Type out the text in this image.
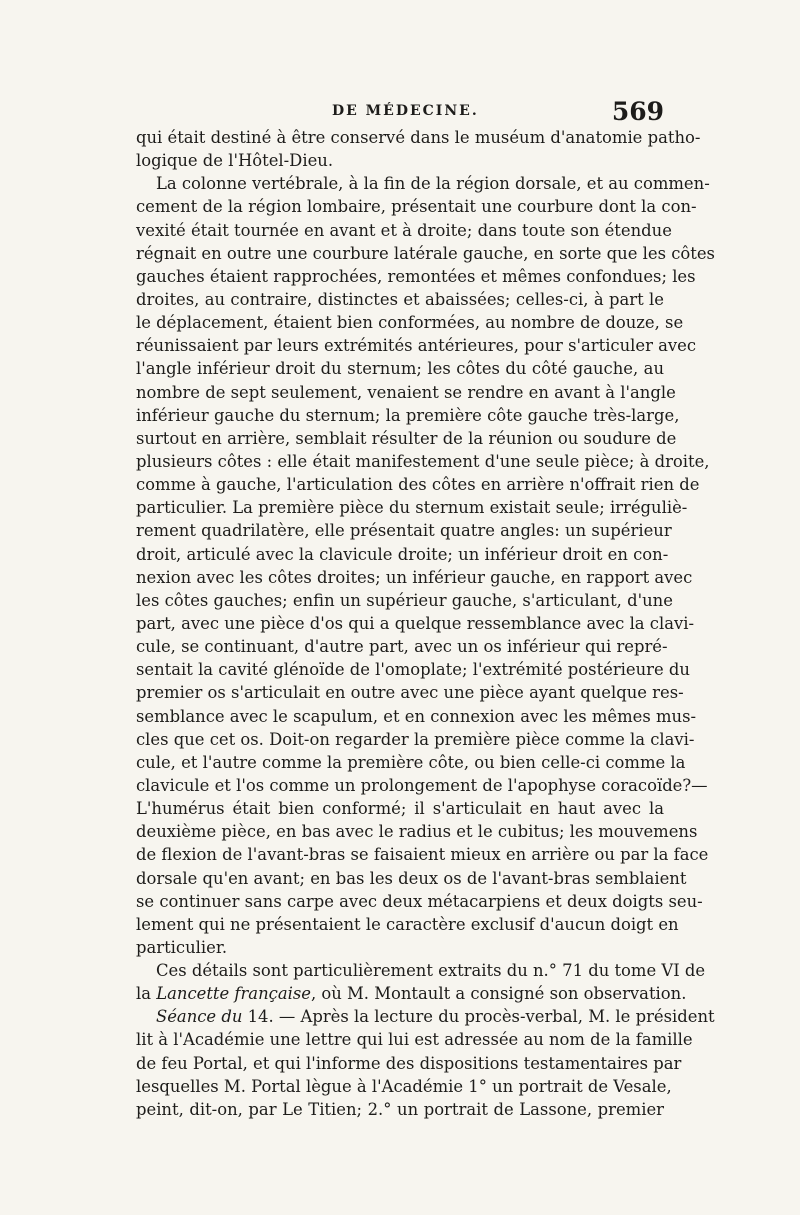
DE MÉDECINE.	569
qui était destiné à être conservé dans le muséum d'anatomie patho-
logique de l'Hôtel-Dieu.
La colonne vertébrale, à la fin de la région dorsale, et au commen-
cement de la région lombaire, présentait une courbure dont la con-
vexité était tournée en avant et à droite; dans toute son étendue
régnait en outre une courbure latérale gauche, en sorte que les côtes
gauches étaient rapprochées, remontées et mêmes confondues; les
droites, au contraire, distinctes et abaissées; celles-ci, à part le
le déplacement, étaient bien conformées, au nombre de douze, se
réunissaient par leurs extrémités antérieures, pour s'articuler avec
l'angle inférieur droit du sternum; les côtes du côté gauche, au
nombre de sept seulement, venaient se rendre en avant à l'angle
inférieur gauche du sternum; la première côte gauche très-large,
surtout en arrière, semblait résulter de la réunion ou soudure de
plusieurs côtes : elle était manifestement d'une seule pièce; à droite,
comme à gauche, l'articulation des côtes en arrière n'offrait rien de
particulier. La première pièce du sternum existait seule; irréguliè-
rement quadrilatère, elle présentait quatre angles: un supérieur
droit, articulé avec la clavicule droite; un inférieur droit en con-
nexion avec les côtes droites; un inférieur gauche, en rapport avec
les côtes gauches; enfin un supérieur gauche, s'articulant, d'une
part, avec une pièce d'os qui a quelque ressemblance avec la clavi-
cule, se continuant, d'autre part, avec un os inférieur qui repré-
sentait la cavité glénoïde de l'omoplate; l'extrémité postérieure du
premier os s'articulait en outre avec une pièce ayant quelque res-
semblance avec le scapulum, et en connexion avec les mêmes mus-
cles que cet os. Doit-on regarder la première pièce comme la clavi-
cule, et l'autre comme la première côte, ou bien celle-ci comme la
clavicule et l'os comme un prolongement de l'apophyse coracoïde?—
L'humérus était bien conformé; il s'articulait en haut avec la
deuxième pièce, en bas avec le radius et le cubitus; les mouvemens
de flexion de l'avant-bras se faisaient mieux en arrière ou par la face
dorsale qu'en avant; en bas les deux os de l'avant-bras semblaient
se continuer sans carpe avec deux métacarpiens et deux doigts seu-
lement qui ne présentaient le caractère exclusif d'aucun doigt en
particulier.
Ces détails sont particulièrement extraits du n.° 71 du tome VI de
la Lancette française, où M. Montault a consigné son observation.
Séance du 14. — Après la lecture du procès-verbal, M. le président
lit à l'Académie une lettre qui lui est adressée au nom de la famille
de feu Portal, et qui l'informe des dispositions testamentaires par
lesquelles M. Portal lègue à l'Académie 1° un portrait de Vesale,
peint, dit-on, par Le Titien; 2.° un portrait de Lassone, premier
